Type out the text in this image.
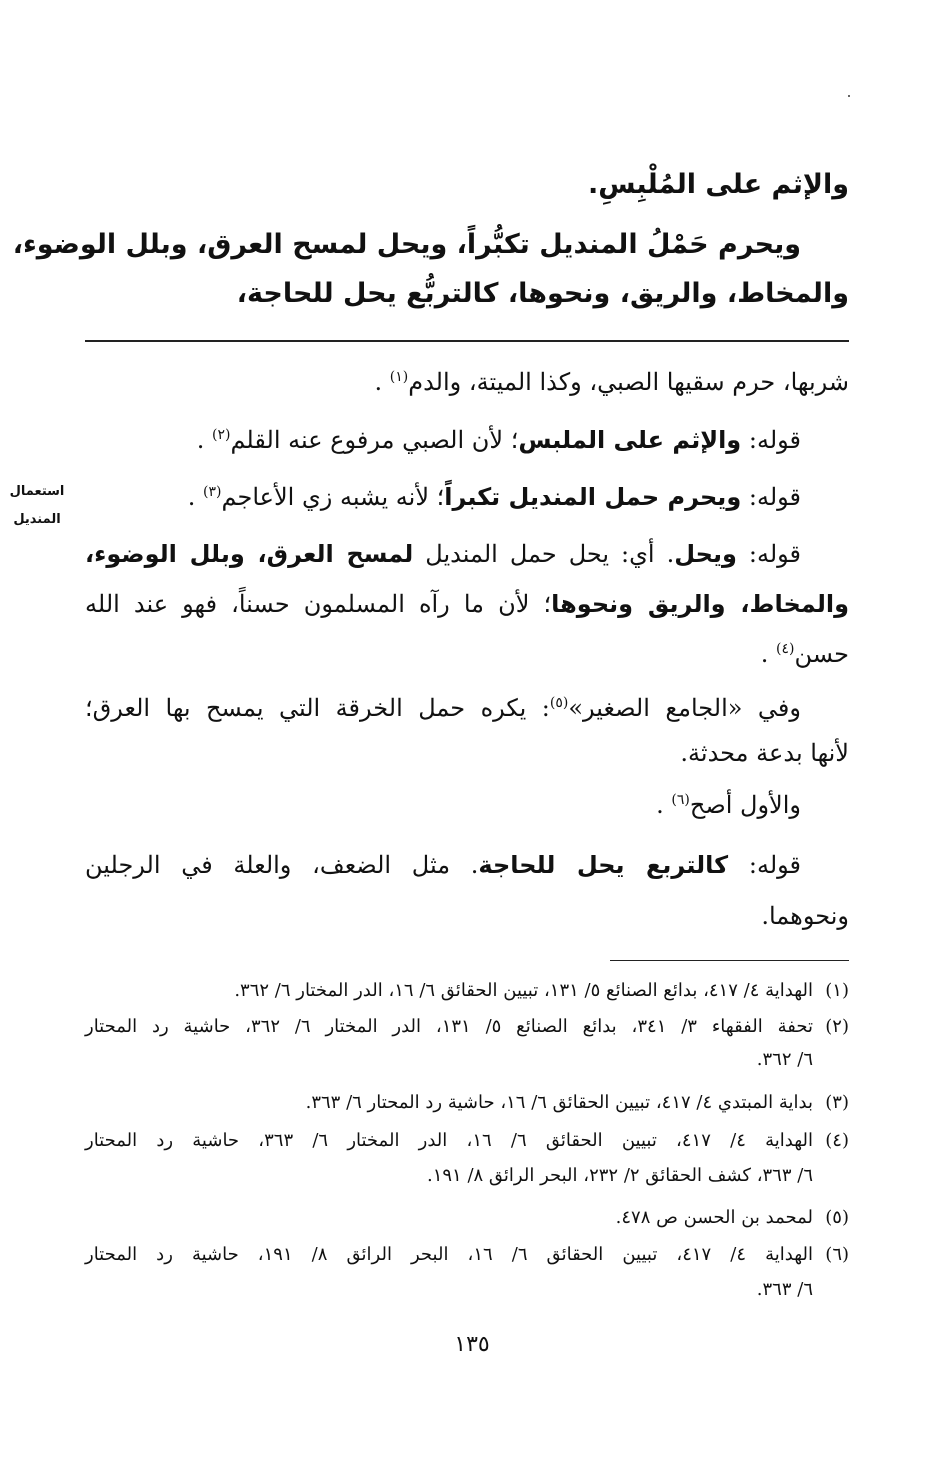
والإثم على المُلْبِسِ.
ويحرم حَمْلُ المنديل تكبُّراً، ويحل لمسح العرق، وبلل الوضوء،
والمخاط، والريق، ونحوها، كالتربُّع يحل للحاجة،
استعمال
المنديل
شربها، حرم سقيها الصبي، وكذا الميتة، والدم$^{(١)}$ .
قوله: والإثم على الملبس؛ لأن الصبي مرفوع عنه القلم$^{(٢)}$ .
قوله: ويحرم حمل المنديل تكبراً؛ لأنه يشبه زي الأعاجم$^{(٣)}$ .
قوله: ويحل. أي: يحل حمل المنديل لمسح العرق، وبلل الوضوء،
والمخاط، والريق ونحوها؛ لأن ما رآه المسلمون حسناً، فهو عند الله
حسن$^{(٤)}$ .
وفي «الجامع الصغير»$^{(٥)}$: يكره حمل الخرقة التي يمسح بها العرق؛
لأنها بدعة محدثة.
والأول أصح$^{(٦)}$ .
قوله: كالتربع يحل للحاجة. مثل الضعف، والعلة في الرجلين
ونحوهما.
(١)الهداية ٤/ ٤١٧، بدائع الصنائع ٥/ ١٣١، تبيين الحقائق ٦/ ١٦، الدر المختار ٦/ ٣٦٢.
(٢)تحفة الفقهاء ٣/ ٣٤١، بدائع الصنائع ٥/ ١٣١، الدر المختار ٦/ ٣٦٢، حاشية رد المحتار
٦/ ٣٦٢.
(٣)بداية المبتدي ٤/ ٤١٧، تبيين الحقائق ٦/ ١٦، حاشية رد المحتار ٦/ ٣٦٣.
(٤)الهداية ٤/ ٤١٧، تبيين الحقائق ٦/ ١٦، الدر المختار ٦/ ٣٦٣، حاشية رد المحتار
٦/ ٣٦٣، كشف الحقائق ٢/ ٢٣٢، البحر الرائق ٨/ ١٩١.
(٥)لمحمد بن الحسن ص ٤٧٨.
(٦)الهداية ٤/ ٤١٧، تبيين الحقائق ٦/ ١٦، البحر الرائق ٨/ ١٩١، حاشية رد المحتار
٦/ ٣٦٣.
١٣٥
